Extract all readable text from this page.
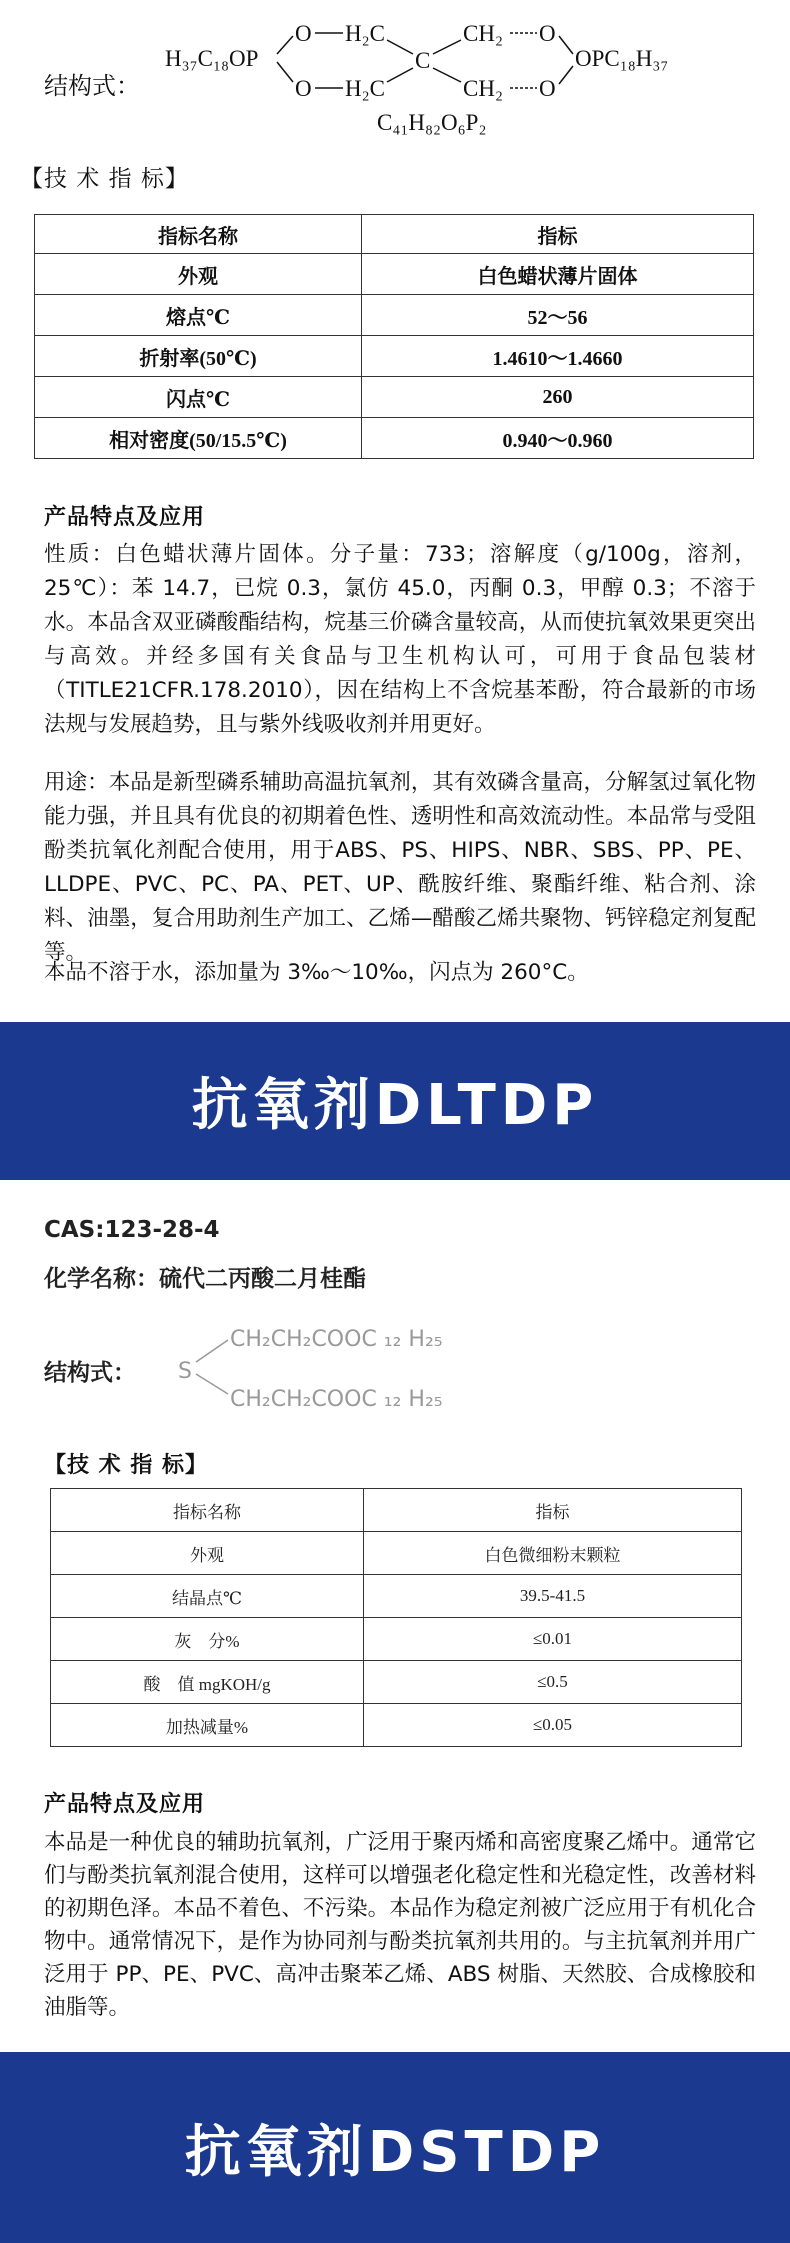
结构式：
H₃₇C₁₈OP
O
O
H₂C
H₂C
C
CH₂
CH₂
O
O
OPC₁₈H₃₇
C₄₁H₈₂O₆P₂
【技 术 指 标】
指标名称	指标
外观	白色蜡状薄片固体
熔点℃	52～56
折射率(50℃)	1.4610～1.4660
闪点℃	260
相对密度(50/15.5℃)	0.940～0.960
产品特点及应用
性质：白色蜡状薄片固体。分子量：733；溶解度（g/100g，溶剂，25℃）：苯 14.7，已烷 0.3，氯仿 45.0，丙酮 0.3，甲醇 0.3；不溶于水。本品含双亚磷酸酯结构，烷基三价磷含量较高，从而使抗氧效果更突出与高效。并经多国有关食品与卫生机构认可，可用于食品包装材（TITLE21CFR.178.2010），因在结构上不含烷基苯酚，符合最新的市场法规与发展趋势，且与紫外线吸收剂并用更好。
用途：本品是新型磷系辅助高温抗氧剂，其有效磷含量高，分解氢过氧化物能力强，并且具有优良的初期着色性、透明性和高效流动性。本品常与受阻酚类抗氧化剂配合使用，用于ABS、PS、HIPS、NBR、SBS、PP、PE、LLDPE、PVC、PC、PA、PET、UP、酰胺纤维、聚酯纤维、粘合剂、涂料、油墨，复合用助剂生产加工、乙烯—醋酸乙烯共聚物、钙锌稳定剂复配等。
本品不溶于水，添加量为 3‰～10‰，闪点为 260°C。
抗氧剂DLTDP
CAS:123-28-4
化学名称：硫代二丙酸二月桂酯
结构式： S
CH₂CH₂COOC ₁₂ H₂₅
CH₂CH₂COOC ₁₂ H₂₅
【技 术 指 标】
指标名称	指标
外观	白色微细粉末颗粒
结晶点℃	39.5-41.5
灰　分%	≤0.01
酸　值 mgKOH/g	≤0.5
加热减量%	≤0.05
产品特点及应用
本品是一种优良的辅助抗氧剂，广泛用于聚丙烯和高密度聚乙烯中。通常它们与酚类抗氧剂混合使用，这样可以增强老化稳定性和光稳定性，改善材料的初期色泽。本品不着色、不污染。本品作为稳定剂被广泛应用于有机化合物中。通常情况下，是作为协同剂与酚类抗氧剂共用的。与主抗氧剂并用广泛用于 PP、PE、PVC、高冲击聚苯乙烯、ABS 树脂、天然胶、合成橡胶和油脂等。
抗氧剂DSTDP
